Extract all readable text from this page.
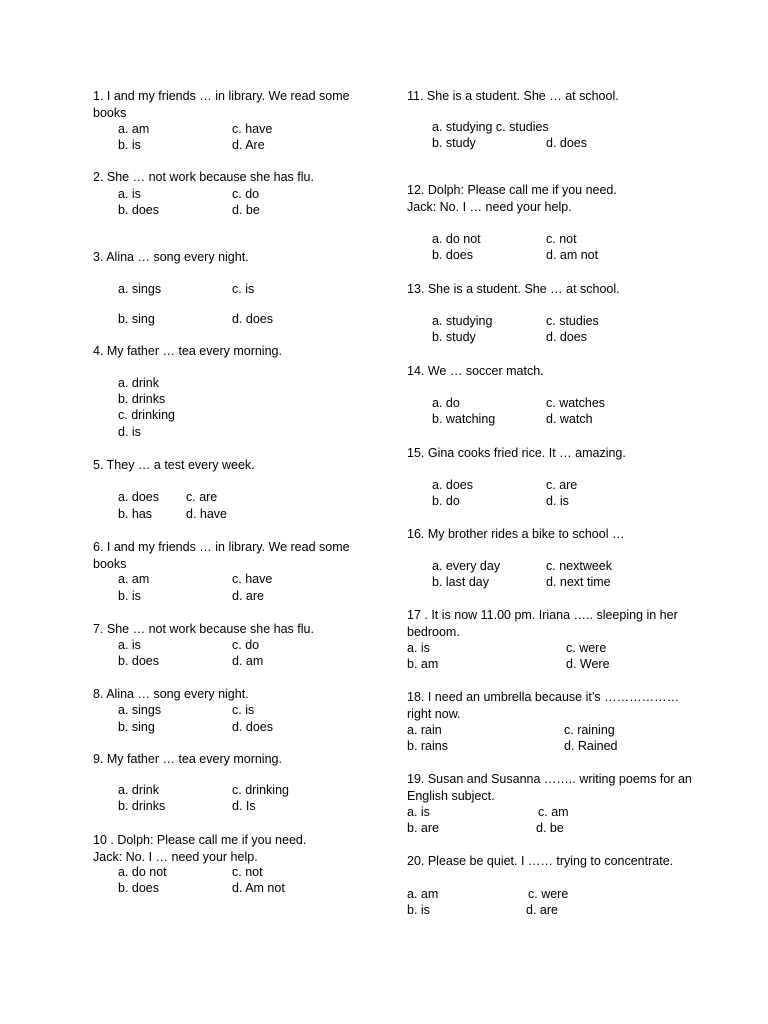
1. I and my friends … in library. We read some books
a. am	c. have
b. is	d. Are
2. She … not work because she has flu.
a. is	c. do
b. does	d. be
3. Alina … song every night.
a. sings	c. is
b. sing	d. does
4. My father … tea every morning.
a. drink
b. drinks
c. drinking
d. is
5. They … a test every week.
a. does c. are
b. has	d. have
6. I and my friends … in library. We read some books
a. am	c. have
b. is	d. are
7. She … not work because she has flu.
a. is	c. do
b. does	d. am
8. Alina … song every night.
a. sings	c. is
b. sing	d. does
9. My father … tea every morning.
a. drink	c. drinking
b. drinks	d. Is
10 . Dolph: Please call me if you need.
Jack: No. I … need your help.
a. do not	c. not
b. does	d. Am not
11. She is a student. She … at school.
a. studying c. studies
b. study	d. does
12. Dolph: Please call me if you need.
Jack: No. I … need your help.
a. do not	c. not
b. does	d. am not
13. She is a student. She … at school.
a. studying	c. studies
b. study	d. does
14. We … soccer match.
a. do	c. watches
b. watching	d. watch
15. Gina cooks fried rice. It … amazing.
a. does	c. are
b. do	d. is
16. My brother rides a bike to school …
a. every day	c. nextweek
b. last day	d. next time
17 . It is now 11.00 pm. Iriana ….. sleeping in her bedroom.
a. is	c. were
b. am	d. Were
18. I need an umbrella because it’s ……………… right now.
a. rain	c. raining
b. rains	d. Rained
19. Susan and Susanna …….. writing poems for an English subject.
a. is	c. am
b. are	d. be
20. Please be quiet. I …… trying to concentrate.
a. am	c. were
b. is	d. are
